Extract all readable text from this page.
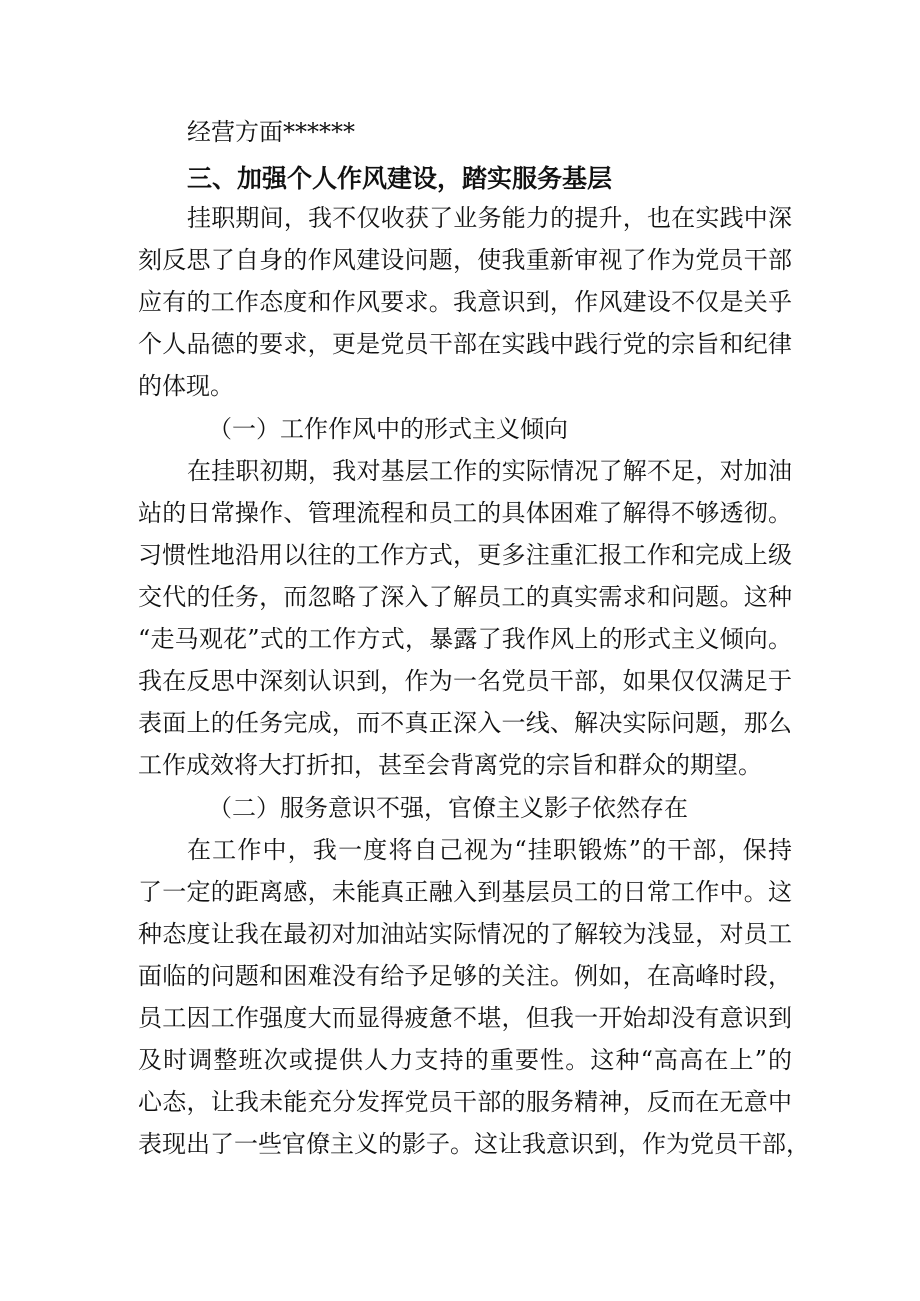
经营方面******
三、加强个人作风建设，踏实服务基层
挂职期间，我不仅收获了业务能力的提升，也在实践中深
刻反思了自身的作风建设问题，使我重新审视了作为党员干部
应有的工作态度和作风要求。我意识到，作风建设不仅是关乎
个人品德的要求，更是党员干部在实践中践行党的宗旨和纪律
的体现。
（一）工作作风中的形式主义倾向
在挂职初期，我对基层工作的实际情况了解不足，对加油
站的日常操作、管理流程和员工的具体困难了解得不够透彻。
习惯性地沿用以往的工作方式，更多注重汇报工作和完成上级
交代的任务，而忽略了深入了解员工的真实需求和问题。这种
“走马观花”式的工作方式，暴露了我作风上的形式主义倾向。
我在反思中深刻认识到，作为一名党员干部，如果仅仅满足于
表面上的任务完成，而不真正深入一线、解决实际问题，那么
工作成效将大打折扣，甚至会背离党的宗旨和群众的期望。
（二）服务意识不强，官僚主义影子依然存在
在工作中，我一度将自己视为“挂职锻炼”的干部，保持
了一定的距离感，未能真正融入到基层员工的日常工作中。这
种态度让我在最初对加油站实际情况的了解较为浅显，对员工
面临的问题和困难没有给予足够的关注。例如，在高峰时段，
员工因工作强度大而显得疲惫不堪，但我一开始却没有意识到
及时调整班次或提供人力支持的重要性。这种“高高在上”的
心态，让我未能充分发挥党员干部的服务精神，反而在无意中
表现出了一些官僚主义的影子。这让我意识到，作为党员干部，
